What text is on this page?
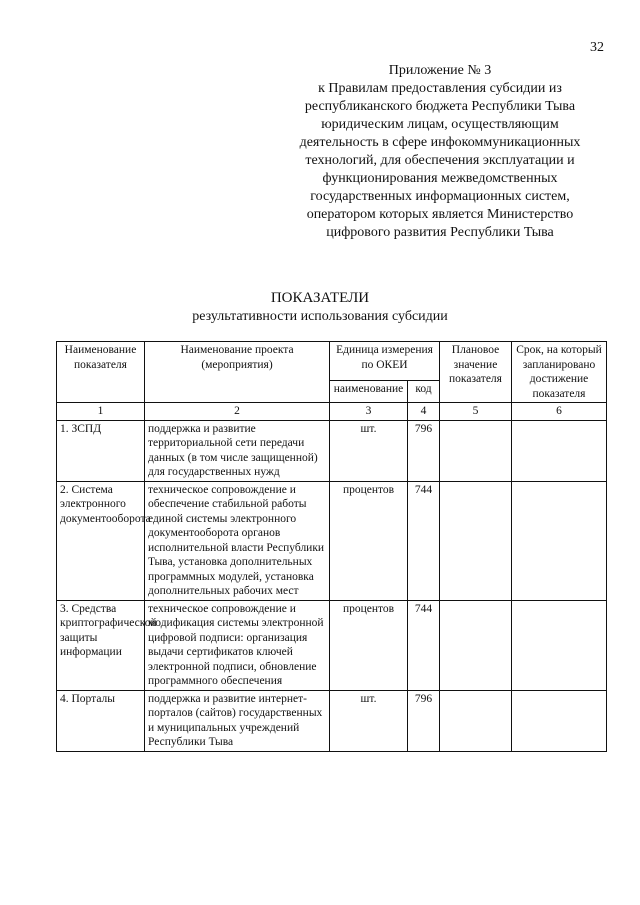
32
Приложение № 3
к Правилам предоставления субсидии из
республиканского бюджета Республики Тыва
юридическим лицам, осуществляющим
деятельность в сфере инфокоммуникационных
технологий, для обеспечения эксплуатации и
функционирования межведомственных
государственных информационных систем,
оператором которых является Министерство
цифрового развития Республики Тыва
ПОКАЗАТЕЛИ
результативности использования субсидии
Наименование показателя	Наименование проекта (мероприятия)	Единица измерения по ОКЕИ		Плановое значение показателя	Срок, на который запланировано достижение показателя
		наименование	код		
1	2	3	4	5	6
1. ЗСПД	поддержка и развитие территориальной сети передачи данных (в том числе защищенной) для государственных нужд	шт.	796		
2. Система электронного документооборота	техническое сопровождение и обеспечение стабильной работы единой системы электронного документооборота органов исполнительной власти Республики Тыва, установка дополнительных программных модулей, установка дополнительных рабочих мест	процентов	744		
3. Средства криптографической защиты информации	техническое сопровождение и модификация системы электронной цифровой подписи: организация выдачи сертификатов ключей электронной подписи, обновление программного обеспечения	процентов	744		
4. Порталы	поддержка и развитие интернет-порталов (сайтов) государственных и муниципальных учреждений Республики Тыва	шт.	796		
